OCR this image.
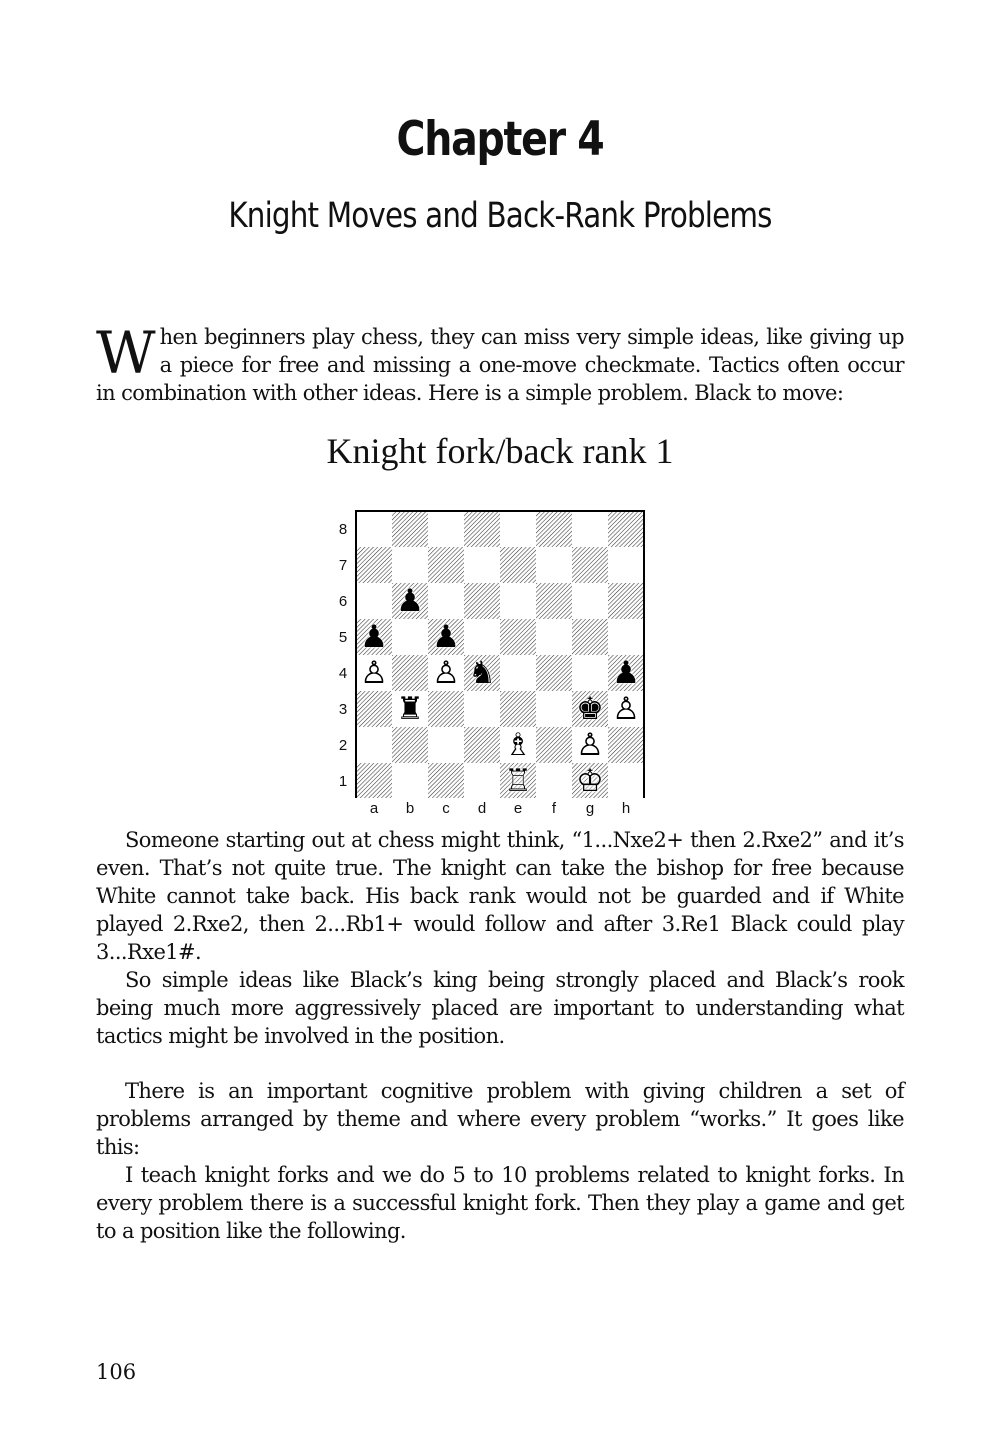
Chapter 4
Knight Moves and Back-Rank Problems

When beginners play chess, they can miss very simple ideas, like giving up a piece for free and missing a one-move checkmate. Tactics often occur in combination with other ideas. Here is a simple problem. Black to move:

Knight fork/back rank 1
8
7
6
5
4
3
2
1
a	b	c	d	e	f	g	h
♟
♟ ♟
♙ ♙ ♞	♟
♜	♚ ♙
♗ ♙
♖ ♔

Someone starting out at chess might think, “1...Nxe2+ then 2.Rxe2” and it’s even. That’s not quite true. The knight can take the bishop for free because White cannot take back. His back rank would not be guarded and if White played 2.Rxe2, then 2...Rb1+ would follow and after 3.Re1 Black could play 3...Rxe1#.

So simple ideas like Black’s king being strongly placed and Black’s rook being much more aggressively placed are important to understanding what tactics might be involved in the position.

There is an important cognitive problem with giving children a set of problems arranged by theme and where every problem “works.” It goes like this:

I teach knight forks and we do 5 to 10 problems related to knight forks. In every problem there is a successful knight fork. Then they play a game and get to a position like the following.

106
